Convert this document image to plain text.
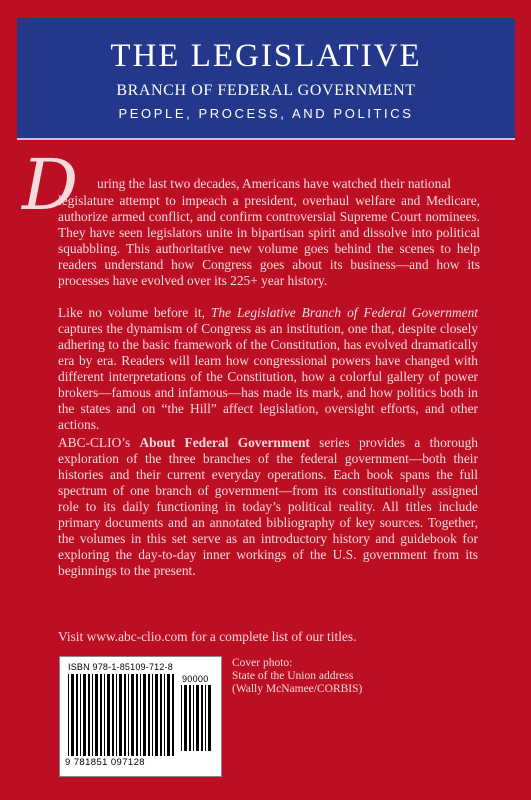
THE LEGISLATIVE
BRANCH OF FEDERAL GOVERNMENT
PEOPLE, PROCESS, AND POLITICS
D uring the last two decades, Americans have watched their national

legislature attempt to impeach a president, overhaul welfare and Medicare, authorize armed conflict, and confirm controversial Supreme Court nominees. They have seen legislators unite in bipartisan spirit and dissolve into political squabbling. This authoritative new volume goes behind the scenes to help readers understand how Congress goes about its business—and how its processes have evolved over its 225+ year history.

Like no volume before it, The Legislative Branch of Federal Government captures the dynamism of Congress as an institution, one that, despite closely adhering to the basic framework of the Constitution, has evolved dramatically era by era. Readers will learn how congressional powers have changed with different interpretations of the Constitution, how a colorful gallery of power brokers—famous and infamous—has made its mark, and how politics both in the states and on “the Hill” affect legislation, oversight efforts, and other actions.

ABC-CLIO’s About Federal Government series provides a thorough exploration of the three branches of the federal government—both their histories and their current everyday operations. Each book spans the full spectrum of one branch of government—from its constitutionally assigned role to its daily functioning in today’s political reality. All titles include primary documents and an annotated bibliography of key sources. Together, the volumes in this set serve as an introductory history and guidebook for exploring the day-to-day inner workings of the U.S. government from its beginnings to the present.

Visit www.abc-clio.com for a complete list of our titles.

ISBN 978-1-85109-712-8
90000
9 781851 097128
Cover photo:
State of the Union address
(Wally McNamee/CORBIS)
